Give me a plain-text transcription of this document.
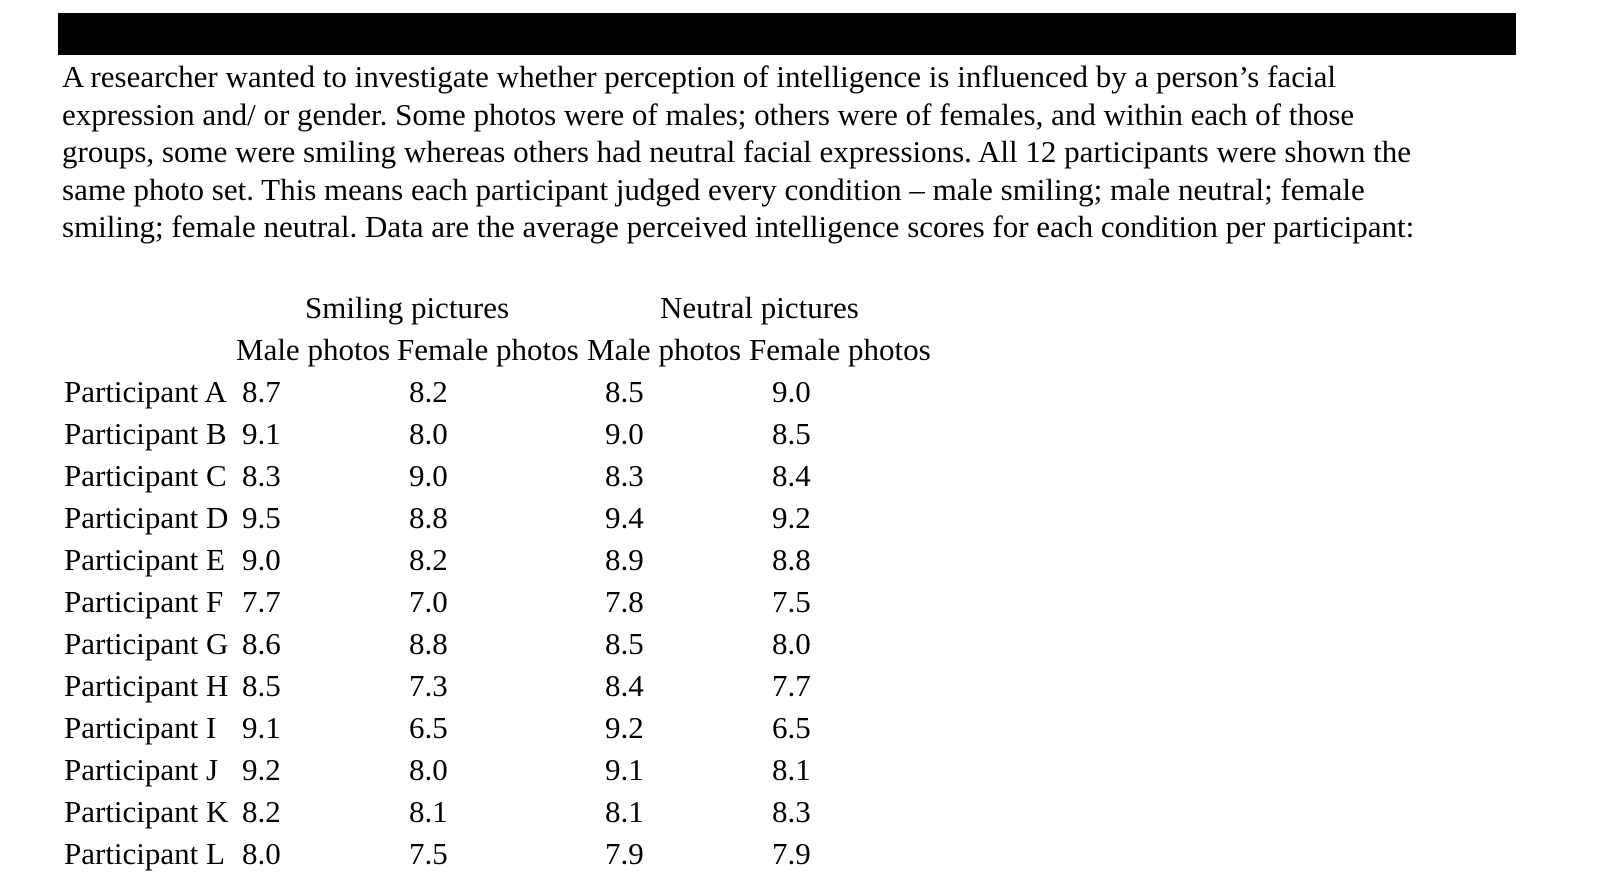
A researcher wanted to investigate whether perception of intelligence is influenced by a person’s facial
expression and/ or gender. Some photos were of males; others were of females, and within each of those
groups, some were smiling whereas others had neutral facial expressions. All 12 participants were shown the
same photo set. This means each participant judged every condition – male smiling; male neutral; female
smiling; female neutral. Data are the average perceived intelligence scores for each condition per participant:
Smiling pictures	Neutral pictures
Male photos Female photos Male photos Female photos
Participant A 8.7	8.2	8.5	9.0
Participant B 9.1	8.0	9.0	8.5
Participant C 8.3	9.0	8.3	8.4
Participant D 9.5	8.8	9.4	9.2
Participant E 9.0	8.2	8.9	8.8
Participant F 7.7	7.0	7.8	7.5
Participant G 8.6	8.8	8.5	8.0
Participant H 8.5	7.3	8.4	7.7
Participant I 9.1	6.5	9.2	6.5
Participant J 9.2	8.0	9.1	8.1
Participant K 8.2	8.1	8.1	8.3
Participant L 8.0	7.5	7.9	7.9
